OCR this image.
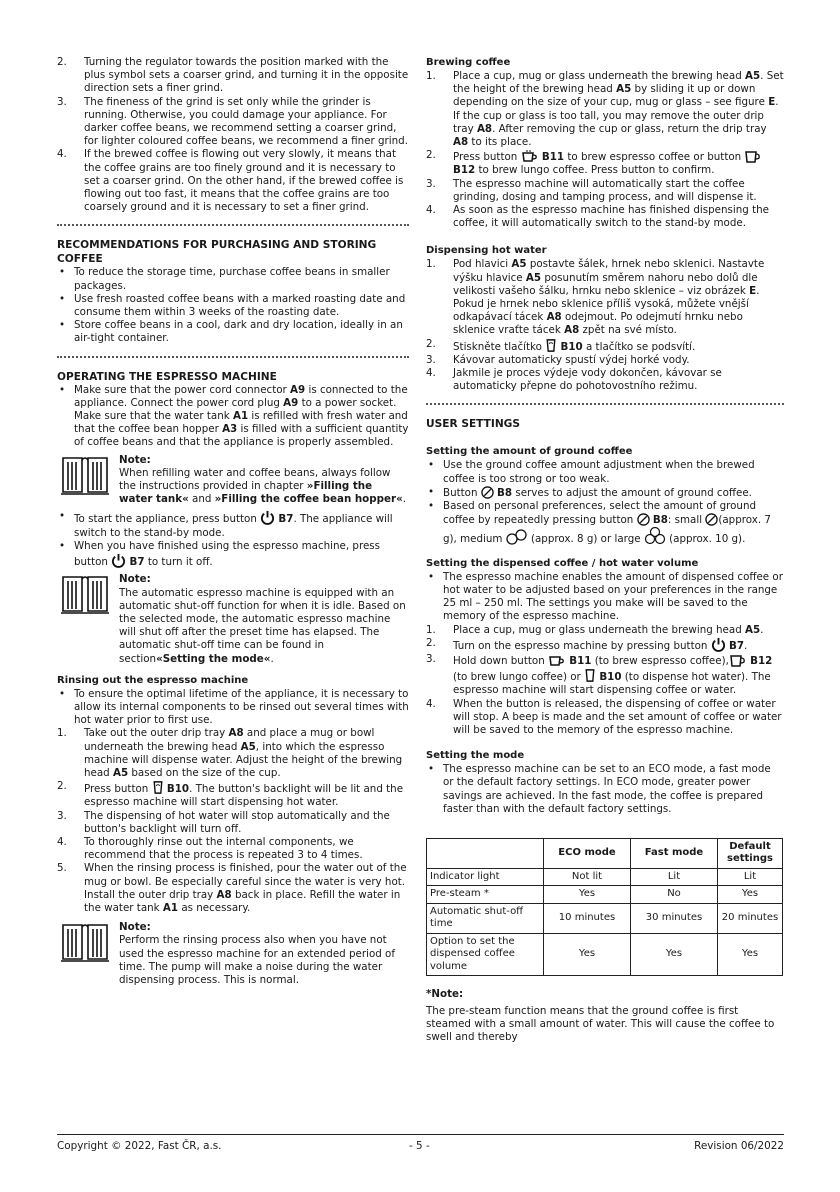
2. Turning the regulator towards the position marked with the plus symbol sets a coarser grind, and turning it in the opposite direction sets a finer grind.

3. The fineness of the grind is set only while the grinder is running. Otherwise, you could damage your appliance. For darker coffee beans, we recommend setting a coarser grind, for lighter coloured coffee beans, we recommend a finer grind.

4. If the brewed coffee is flowing out very slowly, it means that the coffee grains are too finely ground and it is necessary to set a coarser grind. On the other hand, if the brewed coffee is flowing out too fast, it means that the coffee grains are too coarsely ground and it is necessary to set a finer grind.

RECOMMENDATIONS FOR PURCHASING AND STORING COFFEE
• To reduce the storage time, purchase coffee beans in smaller packages.

• Use fresh roasted coffee beans with a marked roasting date and consume them within 3 weeks of the roasting date.

• Store coffee beans in a cool, dark and dry location, ideally in an air-tight container.

OPERATING THE ESPRESSO MACHINE
• Make sure that the power cord connector A9 is connected to the appliance. Connect the power cord plug A9 to a power socket. Make sure that the water tank A1 is refilled with fresh water and that the coffee bean hopper A3 is filled with a sufficient quantity of coffee beans and that the appliance is properly assembled.

Note:

When refilling water and coffee beans, always follow the instructions provided in chapter »Filling the water tank« and »Filling the coffee bean hopper«.

• To start the appliance, press button  B7. The appliance will switch to the stand-by mode.

• When you have finished using the espresso machine, press button  B7 to turn it off.

Note:

The automatic espresso machine is equipped with an automatic shut-off function for when it is idle. Based on the selected mode, the automatic espresso machine will shut off after the preset time has elapsed. The automatic shut-off time can be found in section«Setting the mode«.

Rinsing out the espresso machine
• To ensure the optimal lifetime of the appliance, it is necessary to allow its internal components to be rinsed out several times with hot water prior to first use.

1. Take out the outer drip tray A8 and place a mug or bowl underneath the brewing head A5, into which the espresso machine will dispense water. Adjust the height of the brewing head A5 based on the size of the cup.

2. Press button  B10. The button's backlight will be lit and the espresso machine will start dispensing hot water.

3. The dispensing of hot water will stop automatically and the button's backlight will turn off.

4. To thoroughly rinse out the internal components, we recommend that the process is repeated 3 to 4 times.

5. When the rinsing process is finished, pour the water out of the mug or bowl. Be especially careful since the water is very hot. Install the outer drip tray A8 back in place. Refill the water in the water tank A1 as necessary.

Note:

Perform the rinsing process also when you have not used the espresso machine for an extended period of time. The pump will make a noise during the water dispensing process. This is normal.

Brewing coffee
1. Place a cup, mug or glass underneath the brewing head A5. Set the height of the brewing head A5 by sliding it up or down depending on the size of your cup, mug or glass – see figure E. If the cup or glass is too tall, you may remove the outer drip tray A8. After removing the cup or glass, return the drip tray A8 to its place.

2. Press button  B11 to brew espresso coffee or button  B12 to brew lungo coffee. Press button to confirm.

3. The espresso machine will automatically start the coffee grinding, dosing and tamping process, and will dispense it.

4. As soon as the espresso machine has finished dispensing the coffee, it will automatically switch to the stand-by mode.

Dispensing hot water
1. Pod hlavici A5 postavte šálek, hrnek nebo sklenici. Nastavte výšku hlavice A5 posunutím směrem nahoru nebo dolů dle velikosti vašeho šálku, hrnku nebo sklenice – viz obrázek E. Pokud je hrnek nebo sklenice příliš vysoká, můžete vnější odkapávací tácek A8 odejmout. Po odejmutí hrnku nebo sklenice vraťte tácek A8 zpět na své místo.

2. Stiskněte tlačítko  B10 a tlačítko se podsvítí.

3. Kávovar automaticky spustí výdej horké vody.

4. Jakmile je proces výdeje vody dokončen, kávovar se automaticky přepne do pohotovostního režimu.

USER SETTINGS
Setting the amount of ground coffee
• Use the ground coffee amount adjustment when the brewed coffee is too strong or too weak.

• Button  B8 serves to adjust the amount of ground coffee.

• Based on personal preferences, select the amount of ground coffee by repeatedly pressing button  B8: small (approx. 7 g), medium  (approx. 8 g) or large  (approx. 10 g).

Setting the dispensed coffee / hot water volume
• The espresso machine enables the amount of dispensed coffee or hot water to be adjusted based on your preferences in the range 25 ml – 250 ml. The settings you make will be saved to the memory of the espresso machine.

1. Place a cup, mug or glass underneath the brewing head A5.

2. Turn on the espresso machine by pressing button  B7.

3. Hold down button  B11 (to brew espresso coffee), B12 (to brew lungo coffee) or  B10 (to dispense hot water). The espresso machine will start dispensing coffee or water.

4. When the button is released, the dispensing of coffee or water will stop. A beep is made and the set amount of coffee or water will be saved to the memory of the espresso machine.

Setting the mode
• The espresso machine can be set to an ECO mode, a fast mode or the default factory settings. In ECO mode, greater power savings are achieved. In the fast mode, the coffee is prepared faster than with the default factory settings.

	ECO mode	Fast mode	Default settings
Indicator light	Not lit	Lit	Lit
Pre-steam *	Yes	No	Yes
Automatic shut-off time	10 minutes	30 minutes	20 minutes
Option to set the dispensed coffee volume	Yes	Yes	Yes

*Note:

The pre-steam function means that the ground coffee is first steamed with a small amount of water. This will cause the coffee to swell and thereby

Copyright © 2022, Fast ČR, a.s.	- 5 -	Revision 06/2022
